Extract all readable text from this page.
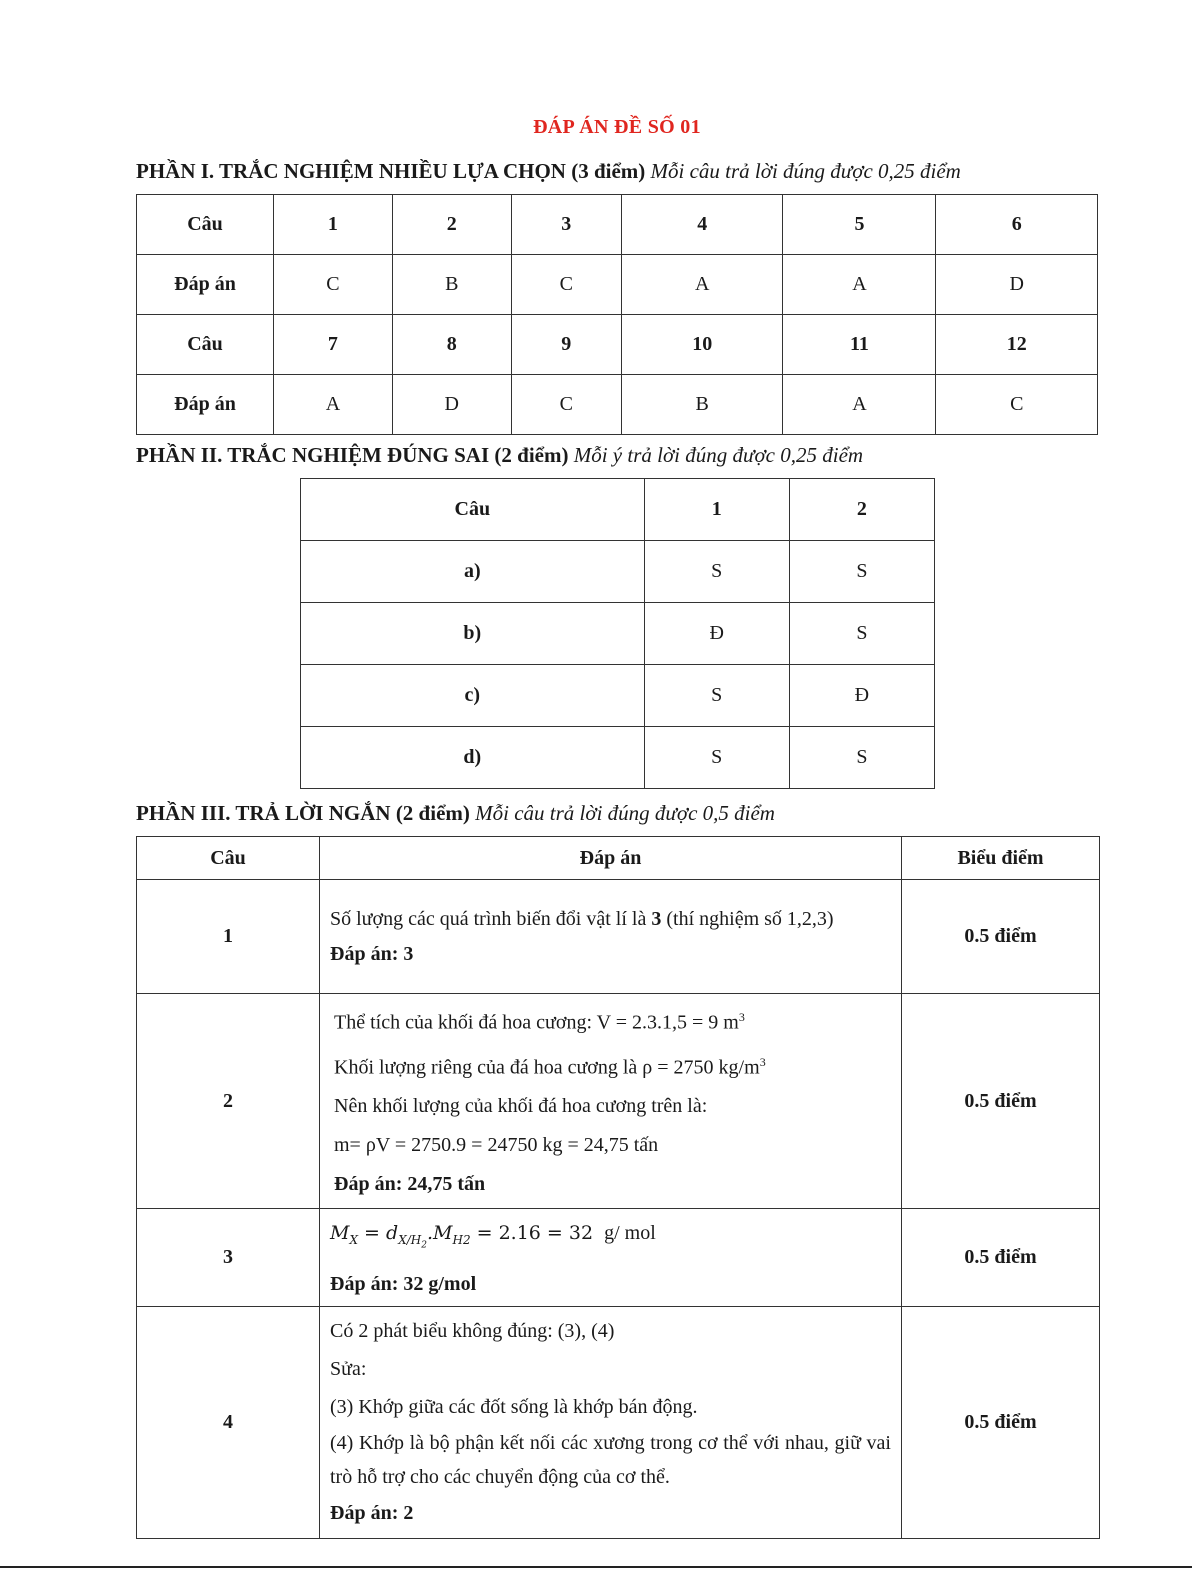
ĐÁP ÁN ĐỀ SỐ 01
PHẦN I. TRẮC NGHIỆM NHIỀU LỰA CHỌN (3 điểm) Mỗi câu trả lời đúng được 0,25 điểm
Câu	1	2	3	4	5	6
Đáp án	C	B	C	A	A	D
Câu	7	8	9	10	11	12
Đáp án	A	D	C	B	A	C
PHẦN II. TRẮC NGHIỆM ĐÚNG SAI (2 điểm) Mỗi ý trả lời đúng được 0,25 điểm
Câu	1	2
a)	S	S
b)	Đ	S
c)	S	Đ
d)	S	S
PHẦN III. TRẢ LỜI NGẮN (2 điểm) Mỗi câu trả lời đúng được 0,5 điểm
Câu	Đáp án	Biểu điểm
1	Số lượng các quá trình biến đổi vật lí là 3 (thí nghiệm số 1,2,3)
Đáp án: 3	0.5 điểm
2	Thể tích của khối đá hoa cương: V = 2.3.1,5 = 9 $m^3$
Khối lượng riêng của đá hoa cương là ρ = 2750 $kg/m^3$
Nên khối lượng của khối đá hoa cương trên là:
m= ρV = 2750.9 = 24750 kg = 24,75 tấn
Đáp án: 24,75 tấn	0.5 điểm
3	$M_X = d_{X/H_2}.M_{H2} = 2.16 = 32$ g/ mol
Đáp án: 32 g/mol	0.5 điểm
4	Có 2 phát biểu không đúng: (3), (4)
Sửa:
(3) Khớp giữa các đốt sống là khớp bán động.
(4) Khớp là bộ phận kết nối các xương trong cơ thể với nhau, giữ vai trò hỗ trợ cho các chuyển động của cơ thể.
Đáp án: 2	0.5 điểm
